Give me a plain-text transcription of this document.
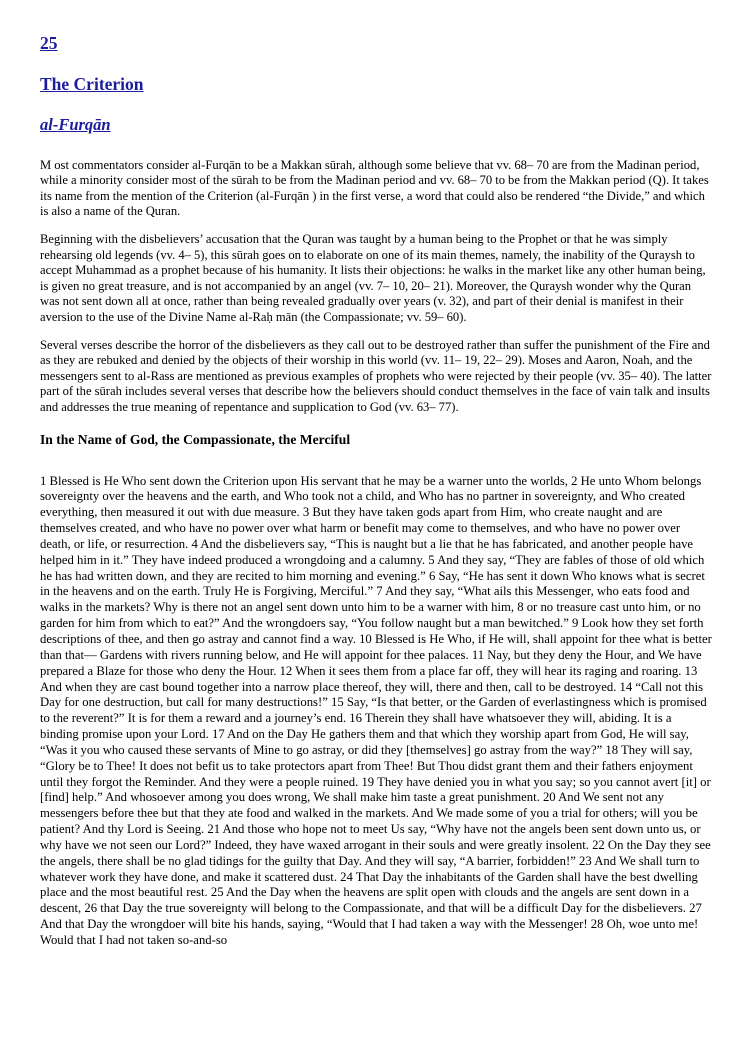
25
The Criterion
al-Furqān

M ost commentators consider al-Furqān to be a Makkan sūrah, although some believe that vv. 68– 70 are from the Madinan period, while a minority consider most of the sūrah to be from the Madinan period and vv. 68– 70 to be from the Makkan period (Q). It takes its name from the mention of the Criterion (al-Furqān ) in the first verse, a word that could also be rendered “the Divide,” and which is also a name of the Quran.

Beginning with the disbelievers’ accusation that the Quran was taught by a human being to the Prophet or that he was simply rehearsing old legends (vv. 4– 5), this sūrah goes on to elaborate on one of its main themes, namely, the inability of the Quraysh to accept Muhammad as a prophet because of his humanity. It lists their objections: he walks in the market like any other human being, is given no great treasure, and is not accompanied by an angel (vv. 7– 10, 20– 21). Moreover, the Quraysh wonder why the Quran was not sent down all at once, rather than being revealed gradually over years (v. 32), and part of their denial is manifest in their aversion to the use of the Divine Name al-Raḥ mān (the Compassionate; vv. 59– 60).

Several verses describe the horror of the disbelievers as they call out to be destroyed rather than suffer the punishment of the Fire and as they are rebuked and denied by the objects of their worship in this world (vv. 11– 19, 22– 29). Moses and Aaron, Noah, and the messengers sent to al-Rass are mentioned as previous examples of prophets who were rejected by their people (vv. 35– 40). The latter part of the sūrah includes several verses that describe how the believers should conduct themselves in the face of vain talk and insults and addresses the true meaning of repentance and supplication to God (vv. 63– 77).

In the Name of God, the Compassionate, the Merciful

1 Blessed is He Who sent down the Criterion upon His servant that he may be a warner unto the worlds, 2 He unto Whom belongs sovereignty over the heavens and the earth, and Who took not a child, and Who has no partner in sovereignty, and Who created everything, then measured it out with due measure. 3 But they have taken gods apart from Him, who create naught and are themselves created, and who have no power over what harm or benefit may come to themselves, and who have no power over death, or life, or resurrection. 4 And the disbelievers say, “This is naught but a lie that he has fabricated, and another people have helped him in it.” They have indeed produced a wrongdoing and a calumny. 5 And they say, “They are fables of those of old which he has had written down, and they are recited to him morning and evening.” 6 Say, “He has sent it down Who knows what is secret in the heavens and on the earth. Truly He is Forgiving, Merciful.” 7 And they say, “What ails this Messenger, who eats food and walks in the markets? Why is there not an angel sent down unto him to be a warner with him, 8 or no treasure cast unto him, or no garden for him from which to eat?” And the wrongdoers say, “You follow naught but a man bewitched.” 9 Look how they set forth descriptions of thee, and then go astray and cannot find a way. 10 Blessed is He Who, if He will, shall appoint for thee what is better than that— Gardens with rivers running below, and He will appoint for thee palaces. 11 Nay, but they deny the Hour, and We have prepared a Blaze for those who deny the Hour. 12 When it sees them from a place far off, they will hear its raging and roaring. 13 And when they are cast bound together into a narrow place thereof, they will, there and then, call to be destroyed. 14 “Call not this Day for one destruction, but call for many destructions!” 15 Say, “Is that better, or the Garden of everlastingness which is promised to the reverent?” It is for them a reward and a journey’s end. 16 Therein they shall have whatsoever they will, abiding. It is a binding promise upon your Lord. 17 And on the Day He gathers them and that which they worship apart from God, He will say, “Was it you who caused these servants of Mine to go astray, or did they [themselves] go astray from the way?” 18 They will say, “Glory be to Thee! It does not befit us to take protectors apart from Thee! But Thou didst grant them and their fathers enjoyment until they forgot the Reminder. And they were a people ruined. 19 They have denied you in what you say; so you cannot avert [it] or [find] help.” And whosoever among you does wrong, We shall make him taste a great punishment. 20 And We sent not any messengers before thee but that they ate food and walked in the markets. And We made some of you a trial for others; will you be patient? And thy Lord is Seeing. 21 And those who hope not to meet Us say, “Why have not the angels been sent down unto us, or why have we not seen our Lord?” Indeed, they have waxed arrogant in their souls and were greatly insolent. 22 On the Day they see the angels, there shall be no glad tidings for the guilty that Day. And they will say, “A barrier, forbidden!” 23 And We shall turn to whatever work they have done, and make it scattered dust. 24 That Day the inhabitants of the Garden shall have the best dwelling place and the most beautiful rest. 25 And the Day when the heavens are split open with clouds and the angels are sent down in a descent, 26 that Day the true sovereignty will belong to the Compassionate, and that will be a difficult Day for the disbelievers. 27 And that Day the wrongdoer will bite his hands, saying, “Would that I had taken a way with the Messenger! 28 Oh, woe unto me! Would that I had not taken so-and-so
